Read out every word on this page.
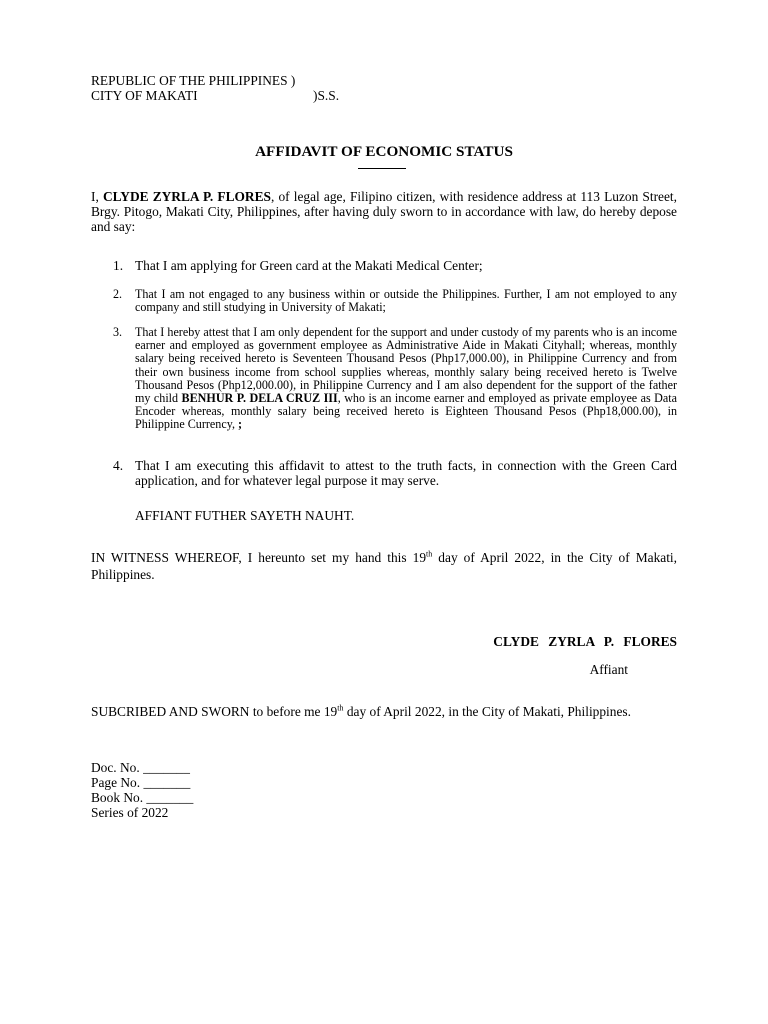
REPUBLIC OF THE PHILIPPINES )
CITY OF MAKATI	)S.S.
AFFIDAVIT OF ECONOMIC STATUS
I, CLYDE ZYRLA P. FLORES, of legal age, Filipino citizen, with residence address at 113 Luzon Street, Brgy. Pitogo, Makati City, Philippines, after having duly sworn to in accordance with law, do hereby depose and say:
1. That I am applying for Green card at the Makati Medical Center;
2. That I am not engaged to any business within or outside the Philippines. Further, I am not employed to any company and still studying in University of Makati;
3. That I hereby attest that I am only dependent for the support and under custody of my parents who is an income earner and employed as government employee as Administrative Aide in Makati Cityhall; whereas, monthly salary being received hereto is Seventeen Thousand Pesos (Php17,000.00), in Philippine Currency and from their own business income from school supplies whereas, monthly salary being received hereto is Twelve Thousand Pesos (Php12,000.00), in Philippine Currency and I am also dependent for the support of the father my child BENHUR P. DELA CRUZ III, who is an income earner and employed as private employee as Data Encoder whereas, monthly salary being received hereto is Eighteen Thousand Pesos (Php18,000.00), in Philippine Currency, ;
4. That I am executing this affidavit to attest to the truth facts, in connection with the Green Card application, and for whatever legal purpose it may serve.
AFFIANT FUTHER SAYETH NAUHT.
IN WITNESS WHEREOF, I hereunto set my hand this 19th day of April 2022, in the City of Makati, Philippines.
CLYDE ZYRLA P. FLORES
Affiant
SUBCRIBED AND SWORN to before me 19th day of April 2022, in the City of Makati, Philippines.
Doc. No. _______
Page No. _______
Book No. _______
Series of 2022
